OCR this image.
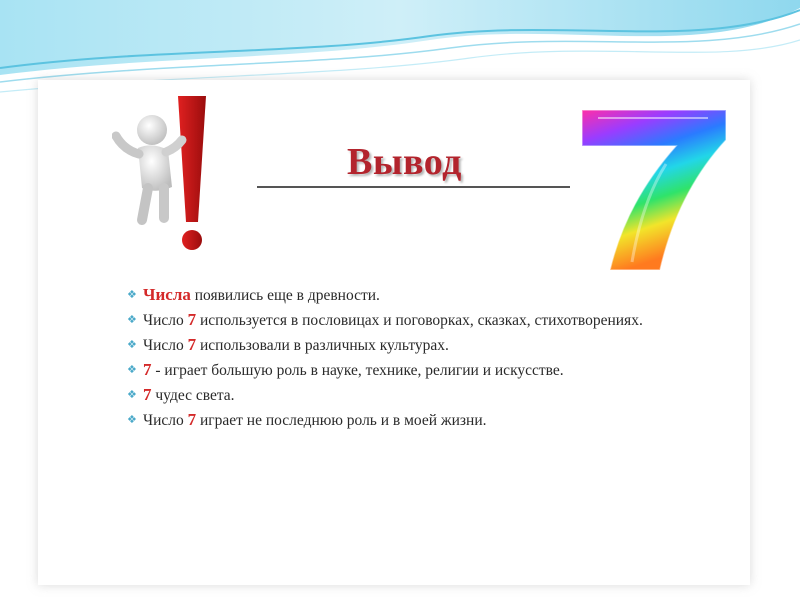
Вывод
❖ Числа появились еще в древности.
❖ Число 7 используется в пословицах и поговорках, сказках, стихотворениях.
❖ Число 7 использовали в различных культурах.
❖ 7 - играет большую роль в науке, технике, религии и искусстве.
❖ 7 чудес света.
❖ Число 7 играет не последнюю роль и в моей жизни.
